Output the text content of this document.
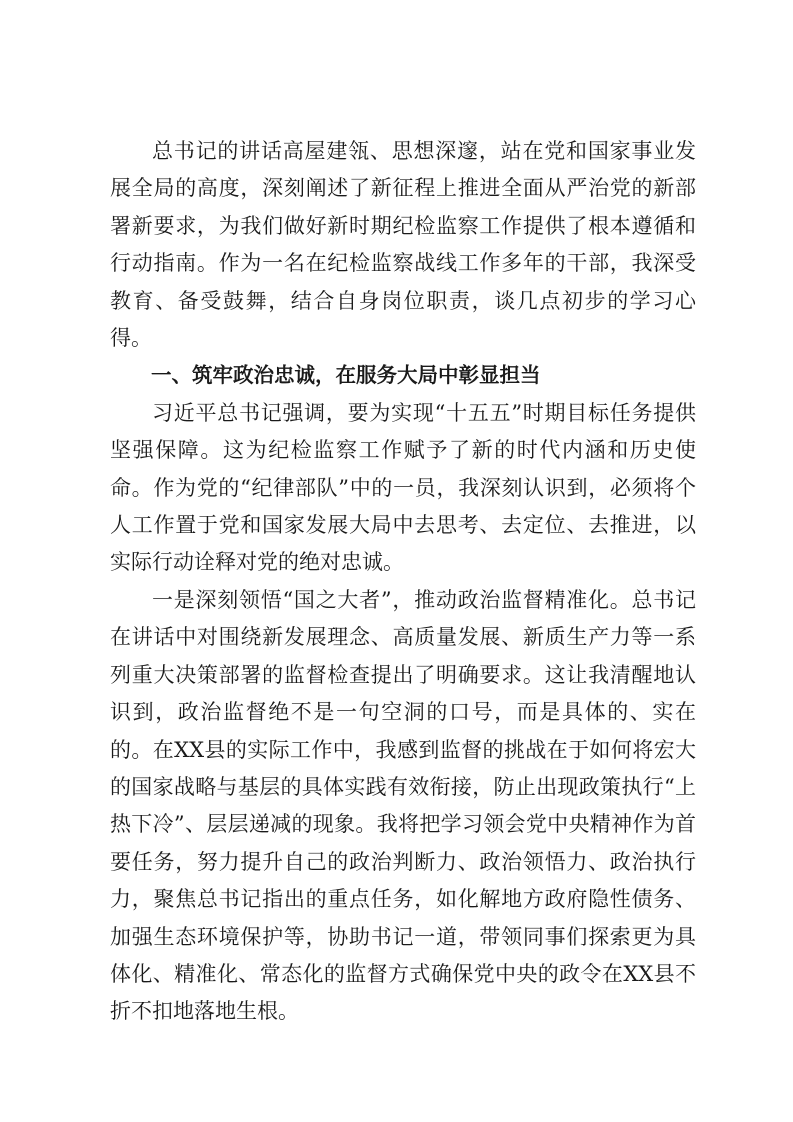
总书记的讲话高屋建瓴、思想深邃，站在党和国家事业发展全局的高度，深刻阐述了新征程上推进全面从严治党的新部署新要求，为我们做好新时期纪检监察工作提供了根本遵循和行动指南。作为一名在纪检监察战线工作多年的干部，我深受教育、备受鼓舞，结合自身岗位职责，谈几点初步的学习心得。

一、筑牢政治忠诚，在服务大局中彰显担当

习近平总书记强调，要为实现“十五五”时期目标任务提供坚强保障。这为纪检监察工作赋予了新的时代内涵和历史使命。作为党的“纪律部队”中的一员，我深刻认识到，必须将个人工作置于党和国家发展大局中去思考、去定位、去推进，以实际行动诠释对党的绝对忠诚。

一是深刻领悟“国之大者”，推动政治监督精准化。总书记在讲话中对围绕新发展理念、高质量发展、新质生产力等一系列重大决策部署的监督检查提出了明确要求。这让我清醒地认识到，政治监督绝不是一句空洞的口号，而是具体的、实在的。在XX县的实际工作中，我感到监督的挑战在于如何将宏大的国家战略与基层的具体实践有效衔接，防止出现政策执行“上热下冷”、层层递减的现象。我将把学习领会党中央精神作为首要任务，努力提升自己的政治判断力、政治领悟力、政治执行力，聚焦总书记指出的重点任务，如化解地方政府隐性债务、加强生态环境保护等，协助书记一道，带领同事们探索更为具体化、精准化、常态化的监督方式确保党中央的政令在XX县不折不扣地落地生根。
